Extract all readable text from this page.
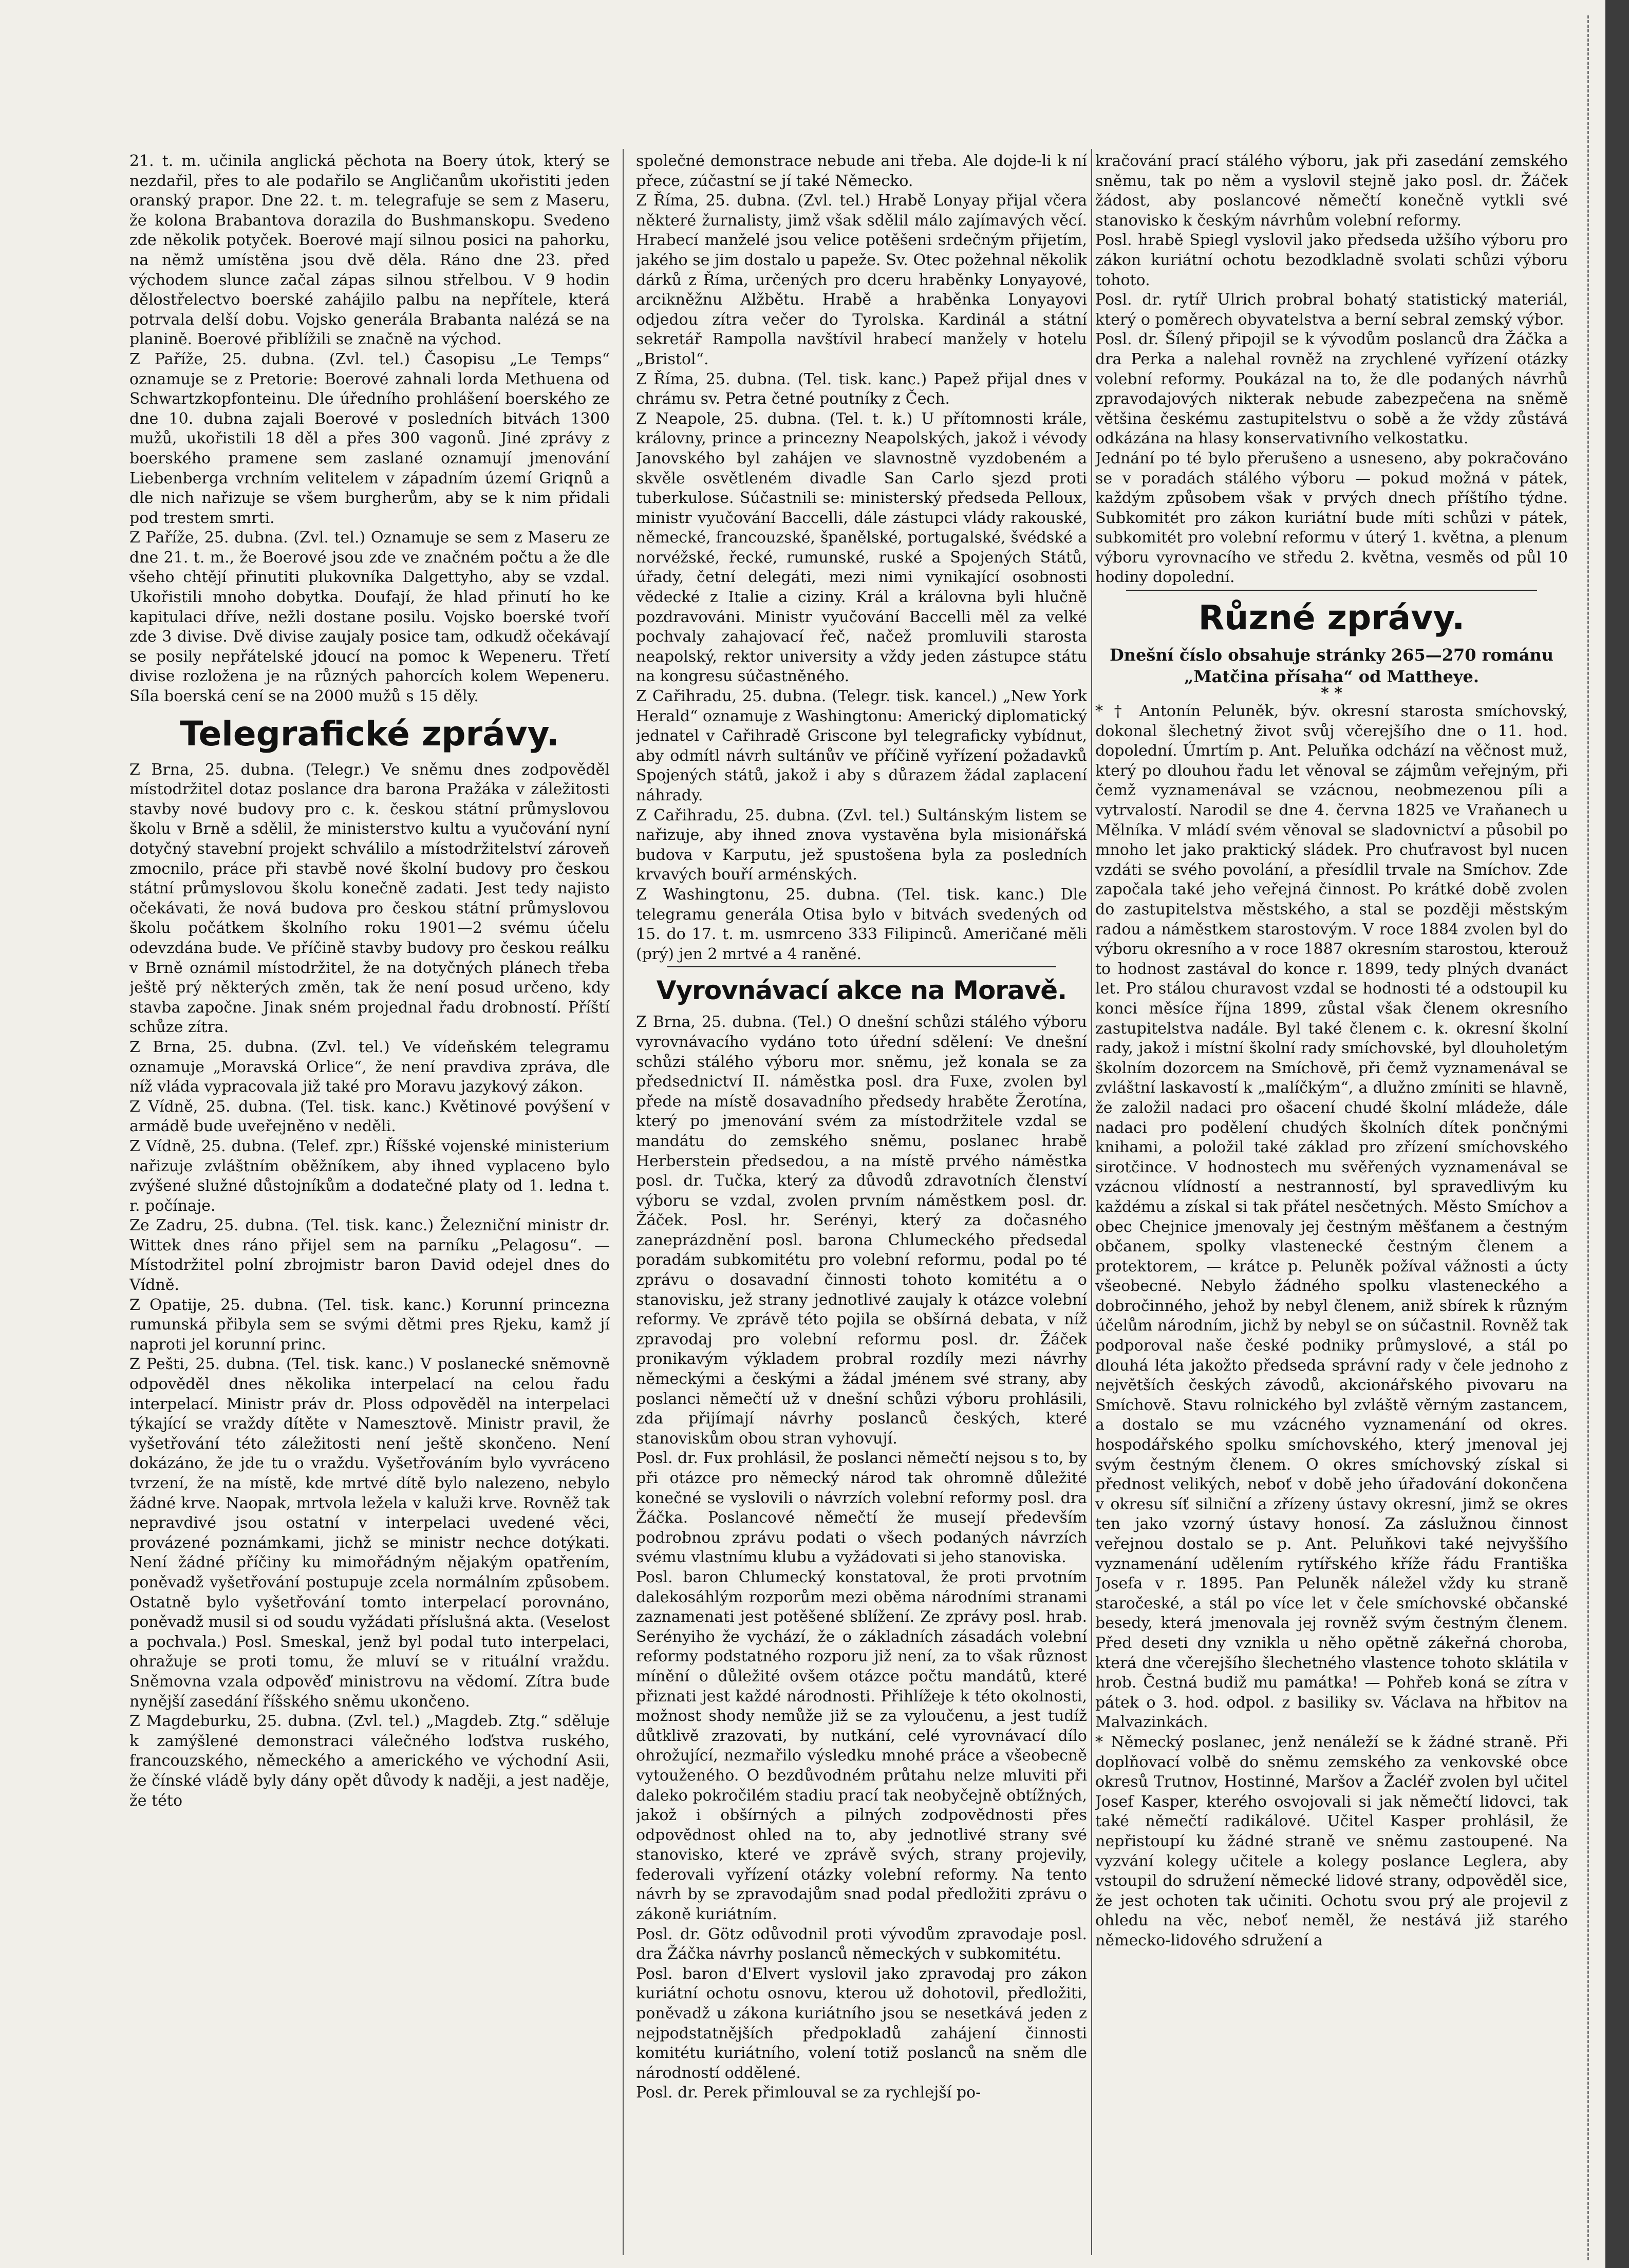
21. t. m. učinila anglická pěchota na Boery útok, který se nezdařil, přes to ale podařilo se Angličanům ukořistiti jeden oranský prapor. Dne 22. t. m. telegrafuje se sem z Maseru, že kolona Brabantova dorazila do Bushmanskopu. Svedeno zde několik potyček. Boerové mají silnou posici na pahorku, na němž umístěna jsou dvě děla. Ráno dne 23. před východem slunce začal zápas silnou střelbou. V 9 hodin dělostřelectvo boerské zahájilo palbu na nepřítele, která potrvala delší dobu. Vojsko generála Brabanta nalézá se na planině. Boerové přiblížili se značně na východ.

Z Paříže, 25. dubna. (Zvl. tel.) Časopisu „Le Temps“ oznamuje se z Pretorie: Boerové zahnali lorda Methuena od Schwartzkopfonteinu. Dle úředního prohlášení boerského ze dne 10. dubna zajali Boerové v posledních bitvách 1300 mužů, ukořistili 18 děl a přes 300 vagonů. Jiné zprávy z boerského pramene sem zaslané oznamují jmenování Liebenberga vrchním velitelem v západním území Griqnů a dle nich nařizuje se všem burgherům, aby se k nim přidali pod trestem smrti.

Z Paříže, 25. dubna. (Zvl. tel.) Oznamuje se sem z Maseru ze dne 21. t. m., že Boerové jsou zde ve značném počtu a že dle všeho chtějí přinutiti plukovníka Dalgettyho, aby se vzdal. Ukořistili mnoho dobytka. Doufají, že hlad přinutí ho ke kapitulaci dříve, nežli dostane posilu. Vojsko boerské tvoří zde 3 divise. Dvě divise zaujaly posice tam, odkudž očekávají se posily nepřátelské jdoucí na pomoc k Wepeneru. Třetí divise rozložena je na různých pahorcích kolem Wepeneru. Síla boerská cení se na 2000 mužů s 15 děly.

Telegrafické zprávy.

Z Brna, 25. dubna. (Telegr.) Ve sněmu dnes zodpověděl místodržitel dotaz poslance dra barona Pražáka v záležitosti stavby nové budovy pro c. k. českou státní průmyslovou školu v Brně a sdělil, že ministerstvo kultu a vyučování nyní dotyčný stavební projekt schválilo a místodržitelství zároveň zmocnilo, práce při stavbě nové školní budovy pro českou státní průmyslovou školu konečně zadati. Jest tedy najisto očekávati, že nová budova pro českou státní průmyslovou školu počátkem školního roku 1901—2 svému účelu odevzdána bude. Ve příčině stavby budovy pro českou reálku v Brně oznámil místodržitel, že na dotyčných plánech třeba ještě prý některých změn, tak že není posud určeno, kdy stavba započne. Jinak sném projednal řadu drobností. Příští schůze zítra.

Z Brna, 25. dubna. (Zvl. tel.) Ve vídeňském telegramu oznamuje „Moravská Orlice“, že není pravdiva zpráva, dle níž vláda vypracovala již také pro Moravu jazykový zákon.

Z Vídně, 25. dubna. (Tel. tisk. kanc.) Květinové povýšení v armádě bude uveřejněno v neděli.

Z Vídně, 25. dubna. (Telef. zpr.) Říšské vojenské ministerium nařizuje zvláštním oběžníkem, aby ihned vyplaceno bylo zvýšené služné důstojníkům a dodatečné platy od 1. ledna t. r. počínaje.

Ze Zadru, 25. dubna. (Tel. tisk. kanc.) Železniční ministr dr. Wittek dnes ráno přijel sem na parníku „Pelagosu“. — Místodržitel polní zbrojmistr baron David odejel dnes do Vídně.

Z Opatije, 25. dubna. (Tel. tisk. kanc.) Korunní princezna rumunská přibyla sem se svými dětmi pres Rjeku, kamž jí naproti jel korunní princ.

Z Pešti, 25. dubna. (Tel. tisk. kanc.) V poslanecké sněmovně odpověděl dnes několika interpelací na celou řadu interpelací. Ministr práv dr. Ploss odpověděl na interpelaci týkající se vraždy dítěte v Nameszt​ově. Ministr pravil, že vyšetřování této záležitosti není ještě skončeno. Není dokázáno, že jde tu o vraždu. Vyšetřováním bylo vyvráceno tvrzení, že na místě, kde mrtvé dítě bylo nalezeno, nebylo žádné krve. Naopak, mrtvola ležela v kaluži krve. Rovněž tak nepravdivé jsou ostatní v interpelaci uvedené věci, provázené poznámkami, jichž se ministr nechce dotýkati. Není žádné příčiny ku mimořádným nějakým opatřením, poněvadž vyšetřování postupuje zcela normálním způsobem. Ostatně bylo vyšetřování tomto interpelací porovnáno, poněvadž musil si od soudu vyžádati příslušná akta. (Veselost a pochvala.) Posl. Smeskal, jenž byl podal tuto interpelaci, ohražuje se proti tomu, že mluví se v rituální vraždu. Sněmovna vzala odpověď ministrovu na vědomí. Zítra bude nynější zasedání říšského sněmu ukončeno.

Z Magdeburku, 25. dubna. (Zvl. tel.) „Magdeb. Ztg.“ sděluje k zamýšlené demonstraci válečného loďstva ruského, francouzského, německého a amerického ve východní Asii, že čínské vládě byly dány opět důvody k naději, a jest naděje, že této

společné demonstrace nebude ani třeba. Ale dojde-li k ní přece, zúčastní se jí také Německo.

Z Říma, 25. dubna. (Zvl. tel.) Hrabě Lonyay přijal včera některé žurnalisty, jimž však sdělil málo zajímavých věcí. Hrabecí manželé jsou velice potěšeni srdečným přijetím, jakého se jim dostalo u papeže. Sv. Otec požehnal několik dárků z Říma, určených pro dceru hraběnky Lonyayové, arcikněžnu Alžbětu. Hrabě a hraběnka Lonyayovi odjedou zítra večer do Tyrolska. Kardinál a státní sekretář Rampolla navštívil hrabecí manžely v hotelu „Bristol“.

Z Říma, 25. dubna. (Tel. tisk. kanc.) Papež přijal dnes v chrámu sv. Petra četné poutníky z Čech.

Z Neapole, 25. dubna. (Tel. t. k.) U přítomnosti krále, královny, prince a princezny Neapolských, jakož i vévody Janovského byl zahájen ve slavnostně vyzdobeném a skvěle osvětleném divadle San Carlo sjezd proti tuberkulose. Súčastnili se: ministerský předseda Pelloux, ministr vyučování Baccelli, dále zástupci vlády rakouské, německé, francouzské, španělské, portugalské, švédské a norvéžské, řecké, rumunské, ruské a Spojených Států, úřady, četní delegáti, mezi nimi vynikající osobnosti vědecké z Italie a ciziny. Král a královna byli hlučně pozdravováni. Ministr vyučování Baccelli měl za velké pochvaly zahajovací řeč, načež promluvili starosta neapolský, rektor university a vždy jeden zástupce státu na kongresu súčastněného.

Z Cařihradu, 25. dubna. (Telegr. tisk. kancel.) „New York Herald“ oznamuje z Washingtonu: Americký diplomatický jednatel v Cařihradě Griscone byl telegraficky vybídnut, aby odmítl návrh sultánův ve příčině vyřízení požadavků Spojených států, jakož i aby s důrazem žádal zaplacení náhrady.

Z Cařihradu, 25. dubna. (Zvl. tel.) Sultánským listem se nařizuje, aby ihned znova vystavěna byla misionářská budova v Karputu, jež spustošena byla za posledních krvavých bouří arménských.

Z Washingtonu, 25. dubna. (Tel. tisk. kanc.) Dle telegramu generála Otisa bylo v bitvách svedených od 15. do 17. t. m. usmrceno 333 Filipinců. Američané měli (prý) jen 2 mrtvé a 4 raněné.

Vyrovnávací akce na Moravě.

Z Brna, 25. dubna. (Tel.) O dnešní schůzi stálého výboru vyrovnávacího vydáno toto úřední sdělení: Ve dnešní schůzi stálého výboru mor. sněmu, jež konala se za předsednictví II. náměstka posl. dra Fuxe, zvolen byl přede na místě dosavadního předsedy hraběte Žerotína, který po jmenování svém za místodržitele vzdal se mandátu do zemského sněmu, poslanec hrabě Herberstein předsedou, a na místě prvého náměstka posl. dr. Tučka, který za důvodů zdravotních členství výboru se vzdal, zvolen prvním náměstkem posl. dr. Žáček. Posl. hr. Serényi, který za dočasného zaneprázdnění posl. barona Chlumeckého předsedal poradám subkomitétu pro volební reformu, podal po té zprávu o dosavadní činnosti tohoto komitétu a o stanovisku, jež strany jednotlivé zaujaly k otázce volební reformy. Ve zprávě této pojila se obšírná debata, v níž zpravodaj pro volební reformu posl. dr. Žáček pronikavým výkladem probral rozdíly mezi návrhy německými a českými a žádal jménem své strany, aby poslanci němečtí už v dnešní schůzi výboru prohlásili, zda přijímají návrhy poslanců českých, které stanoviskům obou stran vyhovují.

Posl. dr. Fux prohlásil, že poslanci němečtí nejsou s to, by při otázce pro německý národ tak ohromně důležité konečné se vyslovili o návrzích volební reformy posl. dra Žáčka. Poslancové němečtí že musejí především podrobnou zprávu podati o všech podaných návrzích svému vlastnímu klubu a vyžádovati si jeho stanoviska.

Posl. baron Chlumecký konstatoval, že proti prvotním dalekosáhlým rozporům mezi oběma národními stranami zaznamenati jest potěšené sblížení. Ze zprávy posl. hrab. Serényiho že vychází, že o základních zásadách volební reformy podstatného rozporu již není, za to však různost mínění o důležité ovšem otázce počtu mandátů, které přiznati jest každé národnosti. Přihlížeje k této okolnosti, možnost shody nemůže již se za vyloučenu, a jest tudíž důtklivě zrazovati, by nutkání, celé vyrovnávací dílo ohrožující, nezmařilo výsledku mnohé práce a všeobecně vytouženého. O bezdůvodném průtahu nelze mluviti při daleko pokročilém stadiu prací tak neobyčejně obtížných, jakož i obšírných a pilných zodpovědnosti přes odpovědnost ohled na to, aby jednotlivé strany své stanovisko, které ve zprávě svých, strany projevily, federovali vyřízení otázky volební reformy. Na tento návrh by se zpravodajům snad podal předložiti zprávu o zákoně kuriátním.

Posl. dr. Götz odůvodnil proti vývodům zpravodaje posl. dra Žáčka návrhy poslanců německých v subkomitétu.

Posl. baron d'Elvert vyslovil jako zpravodaj pro zákon kuriátní ochotu osnovu, kterou už dohotovil, předložiti, poněvadž u zákona kuriátního jsou se nesetkává jeden z nejpodstatnějších předpokladů zahájení činnosti komitétu kuriátního, volení totiž poslanců na sněm dle národností oddělené.

Posl. dr. Perek přimlouval se za rychlejší po-

kračování prací stálého výboru, jak při zasedání zemského sněmu, tak po něm a vyslovil stejně jako posl. dr. Žáček žádost, aby poslancové němečtí konečně vytkli své stanovisko k českým návrhům volební reformy.

Posl. hrabě Spiegl vyslovil jako předseda užšího výboru pro zákon kuriátní ochotu bezodkladně svolati schůzi výboru tohoto.

Posl. dr. rytíř Ulrich probral bohatý statistický materiál, který o poměrech obyvatelstva a berní sebral zemský výbor.

Posl. dr. Šílený připojil se k vývodům poslanců dra Žáčka a dra Perka a nalehal rovněž na zrychlené vyřízení otázky volební reformy. Poukázal na to, že dle podaných návrhů zpravodajových nikterak nebude zabezpečena na sněmě většina českému zastupitelstvu o sobě a že vždy zůstává odkázána na hlasy konservativního velkostatku.

Jednání po té bylo přerušeno a usneseno, aby pokračováno se v poradách stálého výboru — pokud možná v pátek, každým způsobem však v prvých dnech příštího týdne. Subkomitét pro zákon kuriátní bude míti schůzi v pátek, subkomitét pro volební reformu v úterý 1. května, a plenum výboru vyrovnacího ve středu 2. května, vesměs od půl 10 hodiny dopolední.

Různé zprávy.

Dnešní číslo obsahuje stránky 265—270 románu „Matčina přísaha“ od Mattheye.

* *

* † Antonín Peluněk, býv. okresní starosta smíchovský, dokonal šlechetný život svůj včerejšího dne o 11. hod. dopolední. Úmrtím p. Ant. Peluňka odchází na věčnost muž, který po dlouhou řadu let věnoval se zájmům veřejným, při čemž vyznamenával se vzácnou, neobmezenou píli a vytrvalostí. Narodil se dne 4. června 1825 ve Vraňanech u Mělníka. V mládí svém věnoval se sladovnictví a působil po mnoho let jako praktický sládek. Pro chuťravost byl nucen vzdáti se svého povolání, a přesídlil trvale na Smíchov. Zde započala také jeho veřejná činnost. Po krátké době zvolen do zastupitelstva městského, a stal se později městským radou a náměstkem starostovým. V roce 1884 zvolen byl do výboru okresního a v roce 1887 okresním starostou, kterouž to hodnost zastával do konce r. 1899, tedy plných dvanáct let. Pro stálou churavost vzdal se hodnosti té a odstoupil ku konci měsíce října 1899, zůstal však členem okresního zastupitelstva nadále. Byl také členem c. k. okresní školní rady, jakož i místní školní rady smíchovské, byl dlouholetým školním dozorcem na Smíchově, při čemž vyznamenával se zvláštní laskavostí k „malíčkým“, a dlužno zmíniti se hlavně, že založil nadaci pro ošacení chudé školní mládeže, dále nadaci pro podělení chudých školních dítek pončnými knihami, a položil také základ pro zřízení smíchovského sirotčince. V hodnostech mu svěřených vyznamenával se vzácnou vlídností a nestranností, byl spravedlivým ku každému a získal si tak přátel nesčetných. Město Smíchov a obec Chejnice jmenovaly jej čestným měšťanem a čestným občanem, spolky vlastenecké čestným členem a protektorem, — krátce p. Peluněk požíval vážnosti a úcty všeobecné. Nebylo žádného spolku vlasteneckého a dobročinného, jehož by nebyl členem, aniž sbírek k různým účelům národním, jichž by nebyl se on súčastnil. Rovněž tak podporoval naše české podniky průmyslové, a stál po dlouhá léta jakožto předseda správní rady v čele jednoho z největších českých závodů, akcionářského pivovaru na Smíchově. Stavu rolnického byl zvláště věrným zastancem, a dostalo se mu vzácného vyznamenání od okres. hospodářského spolku smíchovského, který jmenoval jej svým čestným členem. O okres smíchovský získal si přednost velikých, neboť v době jeho úřadování dokončena v okresu síť silniční a zřízeny ústavy okresní, jimž se okres ten jako vzorný ústavy honosí. Za záslužnou činnost veřejnou dostalo se p. Ant. Peluňkovi také nejvyššího vyznamenání udělením rytířského kříže řádu Františka Josefa v r. 1895. Pan Peluněk náležel vždy ku straně staročeské, a stál po více let v čele smíchovské občanské besedy, která jmenovala jej rovněž svým čestným členem. Před deseti dny vznikla u něho opětně zákeřná choroba, která dne včerejšího šlechetného vlastence tohoto sklátila v hrob. Čestná budiž mu památka! — Pohřeb koná se zítra v pátek o 3. hod. odpol. z basiliky sv. Václava na hřbitov na Malvazinkách.

* Německý poslanec, jenž nenáleží se k žádné straně. Při doplňovací volbě do sněmu zemského za venkovské obce okresů Trutnov, Hostinné, Maršov a Žacléř zvolen byl učitel Josef Kasper, kterého osvojovali si jak němečtí lidovci, tak také němečtí radikálové. Učitel Kasper prohlásil, že nepřistoupí ku žádné straně ve sněmu zastoupené. Na vyzvání kolegy učitele a kolegy poslance Leglera, aby vstoupil do sdružení německé lidové strany, odpověděl sice, že jest ochoten tak učiniti. Ochotu svou prý ale projevil z ohledu na věc, neboť neměl, že nestává již starého německo-lidového sdružení a
